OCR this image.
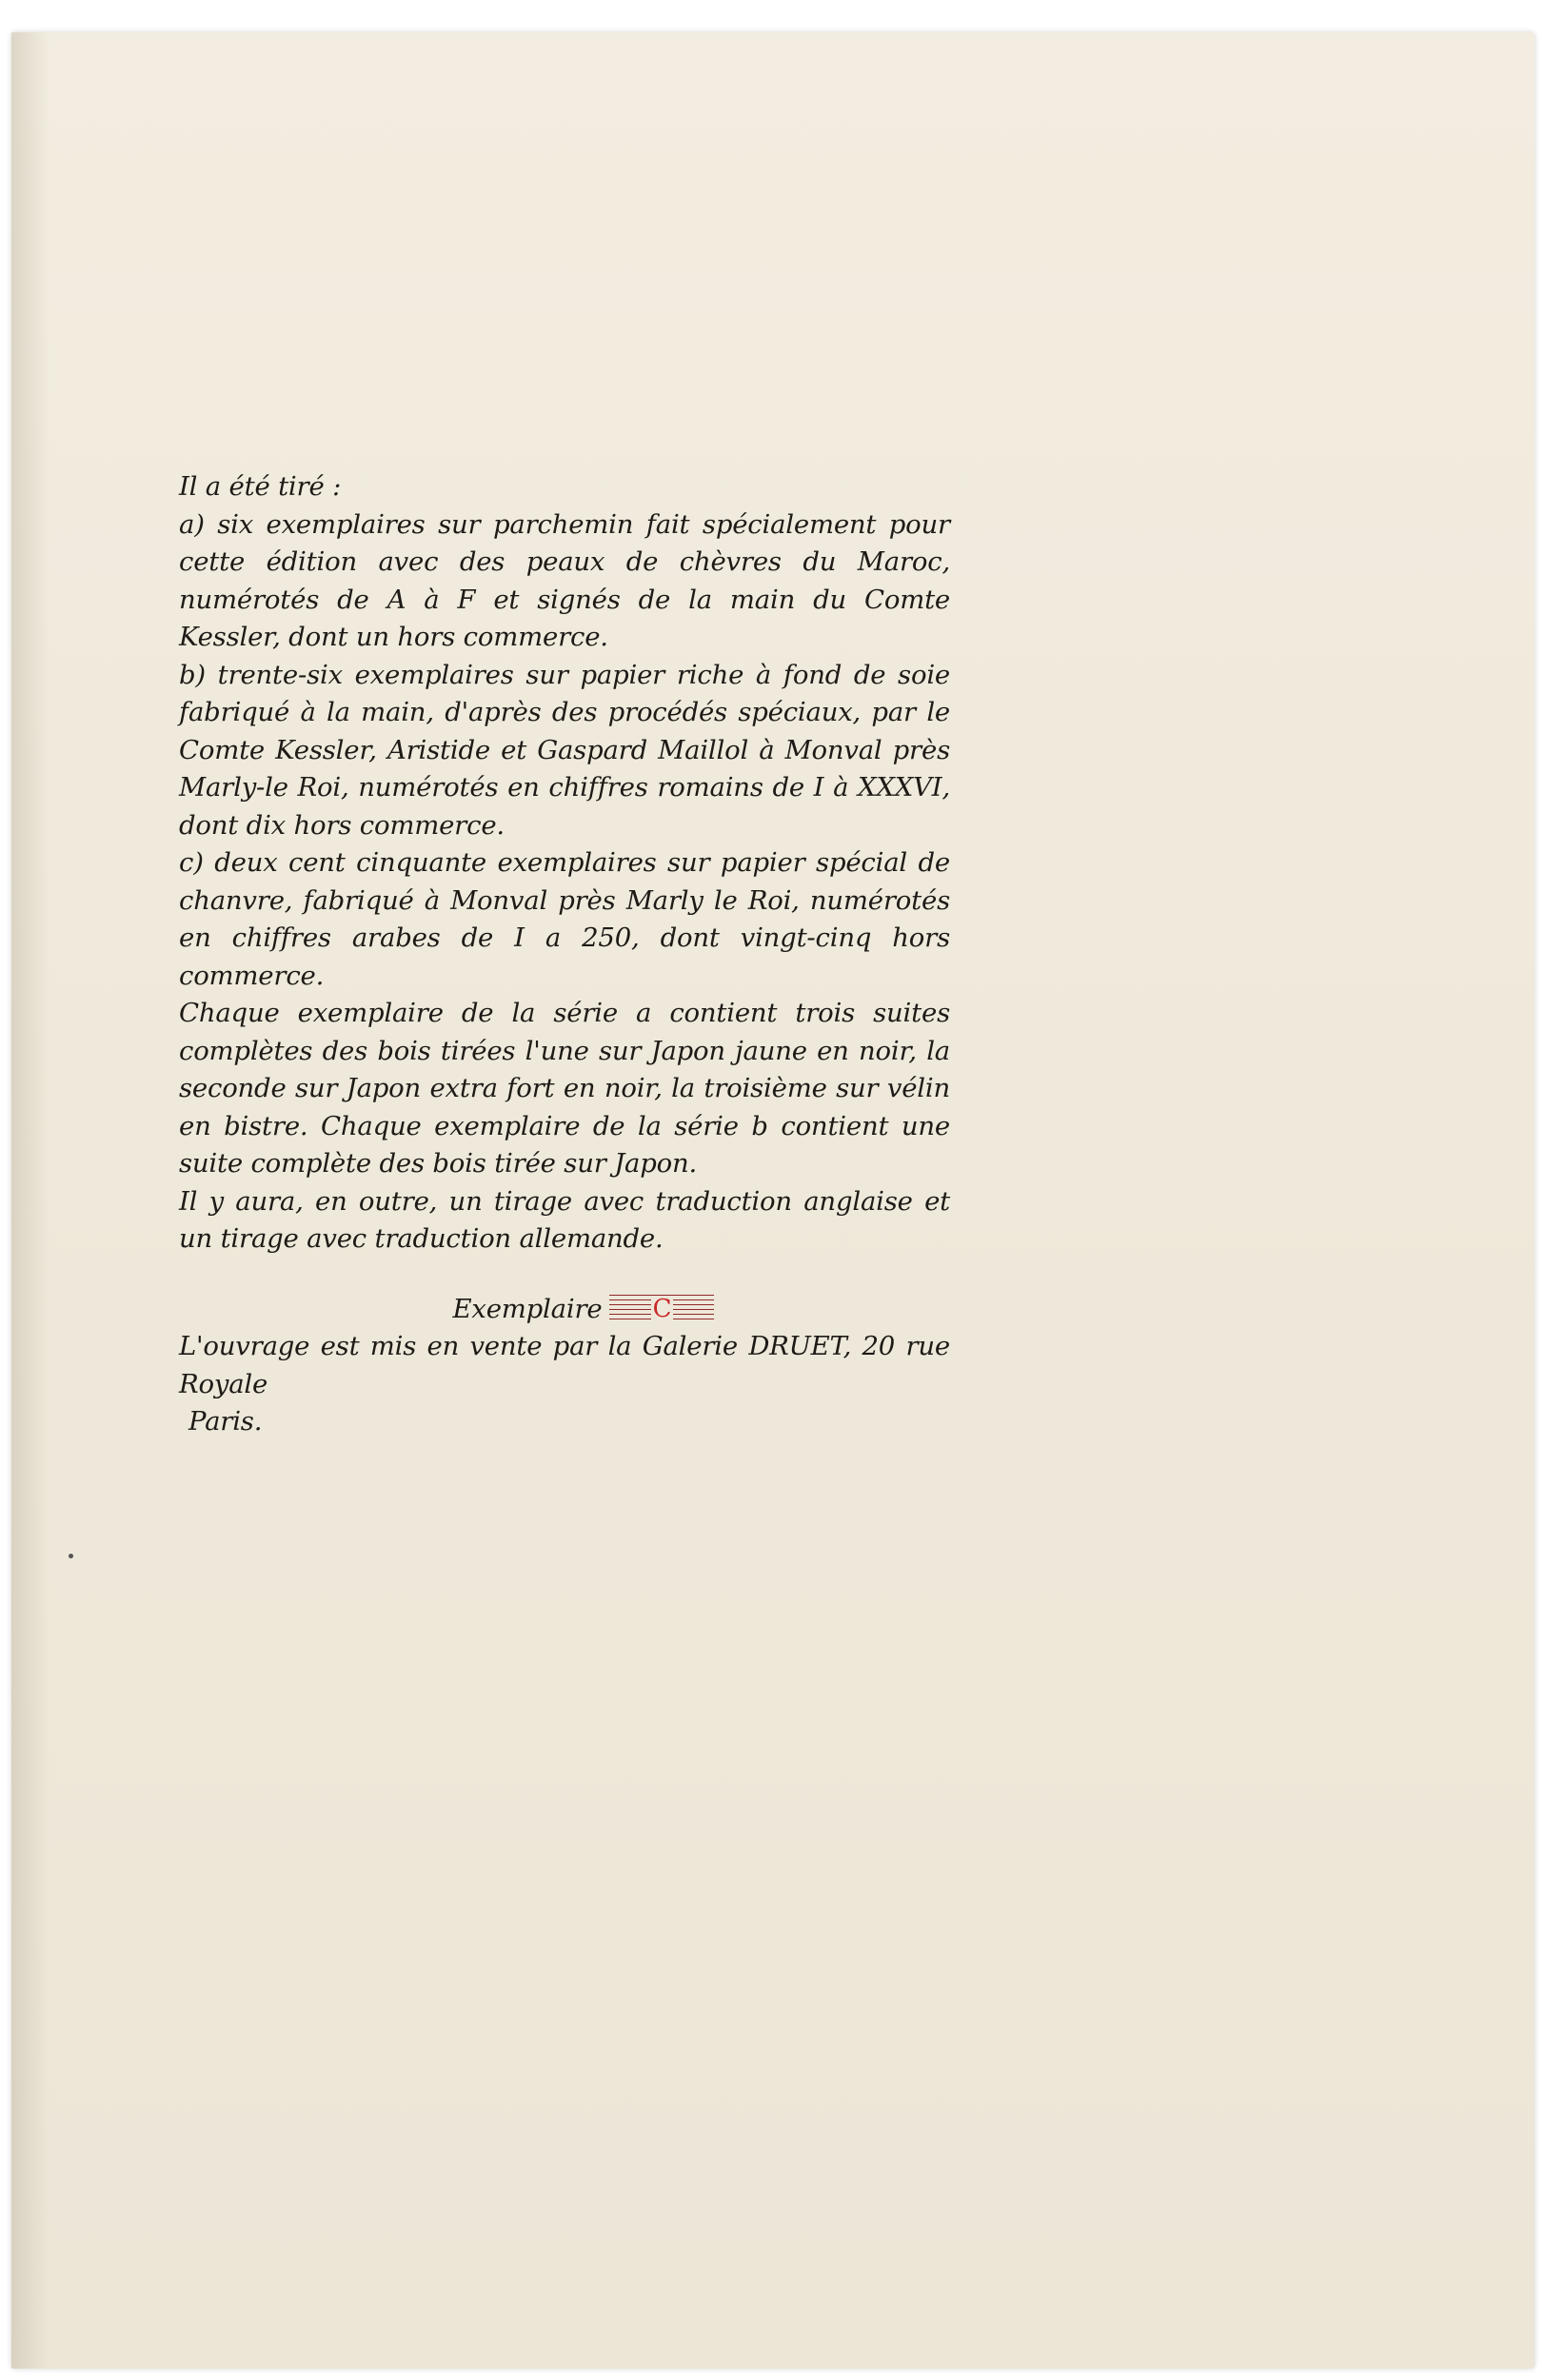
Il a été tiré :

a) six exemplaires sur parchemin fait spécialement pour cette édition avec des peaux de chèvres du Maroc, numérotés de A à F et signés de la main du Comte Kessler, dont un hors commerce.

b) trente-six exemplaires sur papier riche à fond de soie fabriqué à la main, d'après des procédés spéciaux, par le Comte Kessler, Aristide et Gaspard Maillol à Monval près Marly-le Roi, numérotés en chiffres romains de I à XXXVI, dont dix hors commerce.

c) deux cent cinquante exemplaires sur papier spécial de chanvre, fabriqué à Monval près Marly le Roi, numérotés en chiffres arabes de I a 250, dont vingt-cinq hors commerce.

Chaque exemplaire de la série a contient trois suites complètes des bois tirées l'une sur Japon jaune en noir, la seconde sur Japon extra fort en noir, la troisième sur vélin en bistre. Chaque exemplaire de la série b contient une suite complète des bois tirée sur Japon.

Il y aura, en outre, un tirage avec traduction anglaise et un tirage avec traduction allemande.

Exemplaire C

L'ouvrage est mis en vente par la Galerie DRUET, 20 rue Royale

Paris.
